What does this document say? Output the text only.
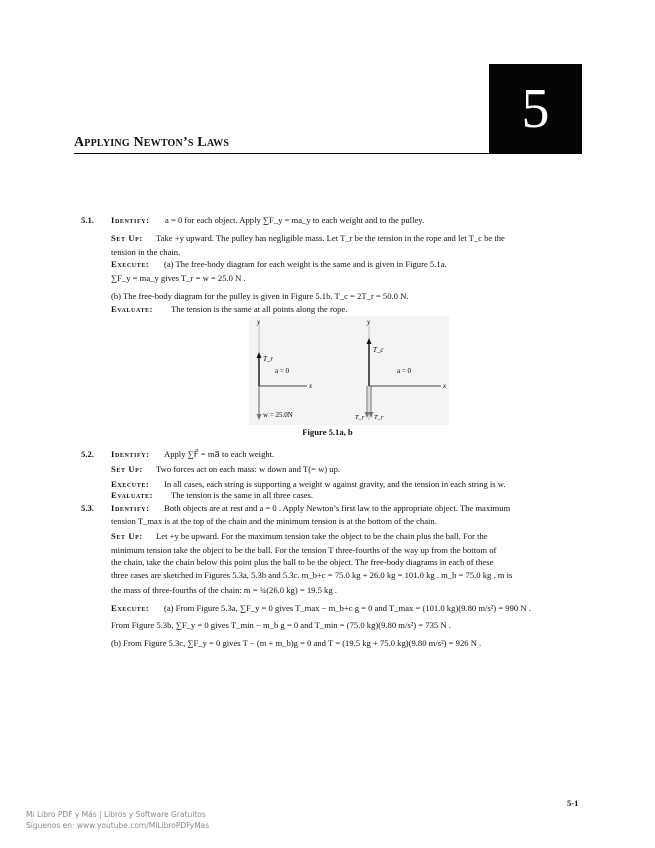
5
Applying Newton’s Laws
5.1. Identify: a = 0 for each object. Apply ∑F_y = ma_y to each weight and to the pulley.
Set Up: Take +y upward. The pulley has negligible mass. Let T_r be the tension in the rope and let T_c be the
tension in the chain.
Execute: (a) The free-body diagram for each weight is the same and is given in Figure 5.1a.
∑F_y = ma_y gives T_r = w = 25.0 N .
(b) The free-body diagram for the pulley is given in Figure 5.1b. T_c = 2T_r = 50.0 N.
Evaluate: The tension is the same at all points along the rope.
y
x
T_r
a = 0
w = 25.0N
y
x
T_c
a = 0
T_r T_r
Figure 5.1a, b
5.2. Identify: Apply ∑F⃗ = ma⃗ to each weight.
Set Up: Two forces act on each mass: w down and T(= w) up.
Execute: In all cases, each string is supporting a weight w against gravity, and the tension in each string is w.
Evaluate: The tension is the same in all three cases.
5.3. Identify: Both objects are at rest and a = 0 . Apply Newton’s first law to the appropriate object. The maximum
tension T_max is at the top of the chain and the minimum tension is at the bottom of the chain.
Set Up: Let +y be upward. For the maximum tension take the object to be the chain plus the ball. For the
minimum tension take the object to be the ball. For the tension T three-fourths of the way up from the bottom of
the chain, take the chain below this point plus the ball to be the object. The free-body diagrams in each of these
three cases are sketched in Figures 5.3a, 5.3b and 5.3c. m_b+c = 75.0 kg + 26.0 kg = 101.0 kg . m_b = 75.0 kg . m is
the mass of three-fourths of the chain: m = ¾(26.0 kg) = 19.5 kg .
Execute: (a) From Figure 5.3a, ∑F_y = 0 gives T_max − m_b+c g = 0 and T_max = (101.0 kg)(9.80 m/s²) = 990 N .
From Figure 5.3b, ∑F_y = 0 gives T_min − m_b g = 0 and T_min = (75.0 kg)(9.80 m/s²) = 735 N .
(b) From Figure 5.3c, ∑F_y = 0 gives T − (m + m_b)g = 0 and T = (19.5 kg + 75.0 kg)(9.80 m/s²) = 926 N .
5-1
Mi Libro PDF y Más | Libros y Software Gratuitos
Síguenos en: www.youtube.com/MiLibroPDFyMas
